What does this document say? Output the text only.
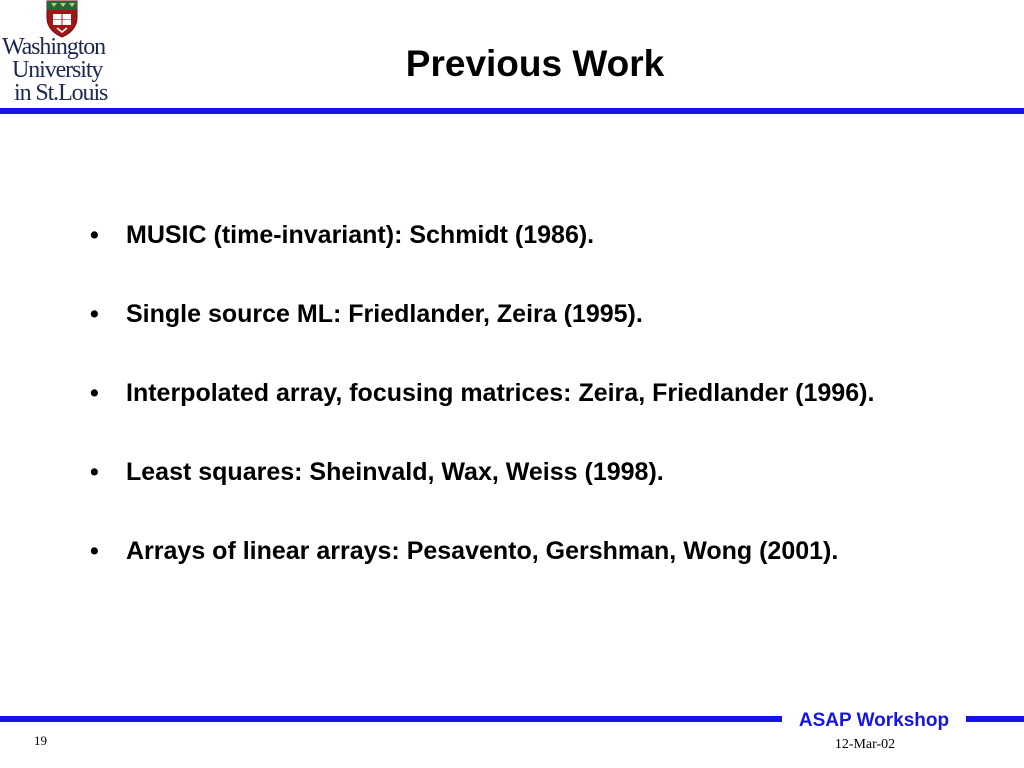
Washington
University
in St.Louis
Previous Work
• MUSIC (time-invariant): Schmidt (1986).
• Single source ML: Friedlander, Zeira (1995).
• Interpolated array, focusing matrices: Zeira, Friedlander (1996).
• Least squares: Sheinvald, Wax, Weiss (1998).
• Arrays of linear arrays: Pesavento, Gershman, Wong (2001).
ASAP Workshop
19	12-Mar-02
